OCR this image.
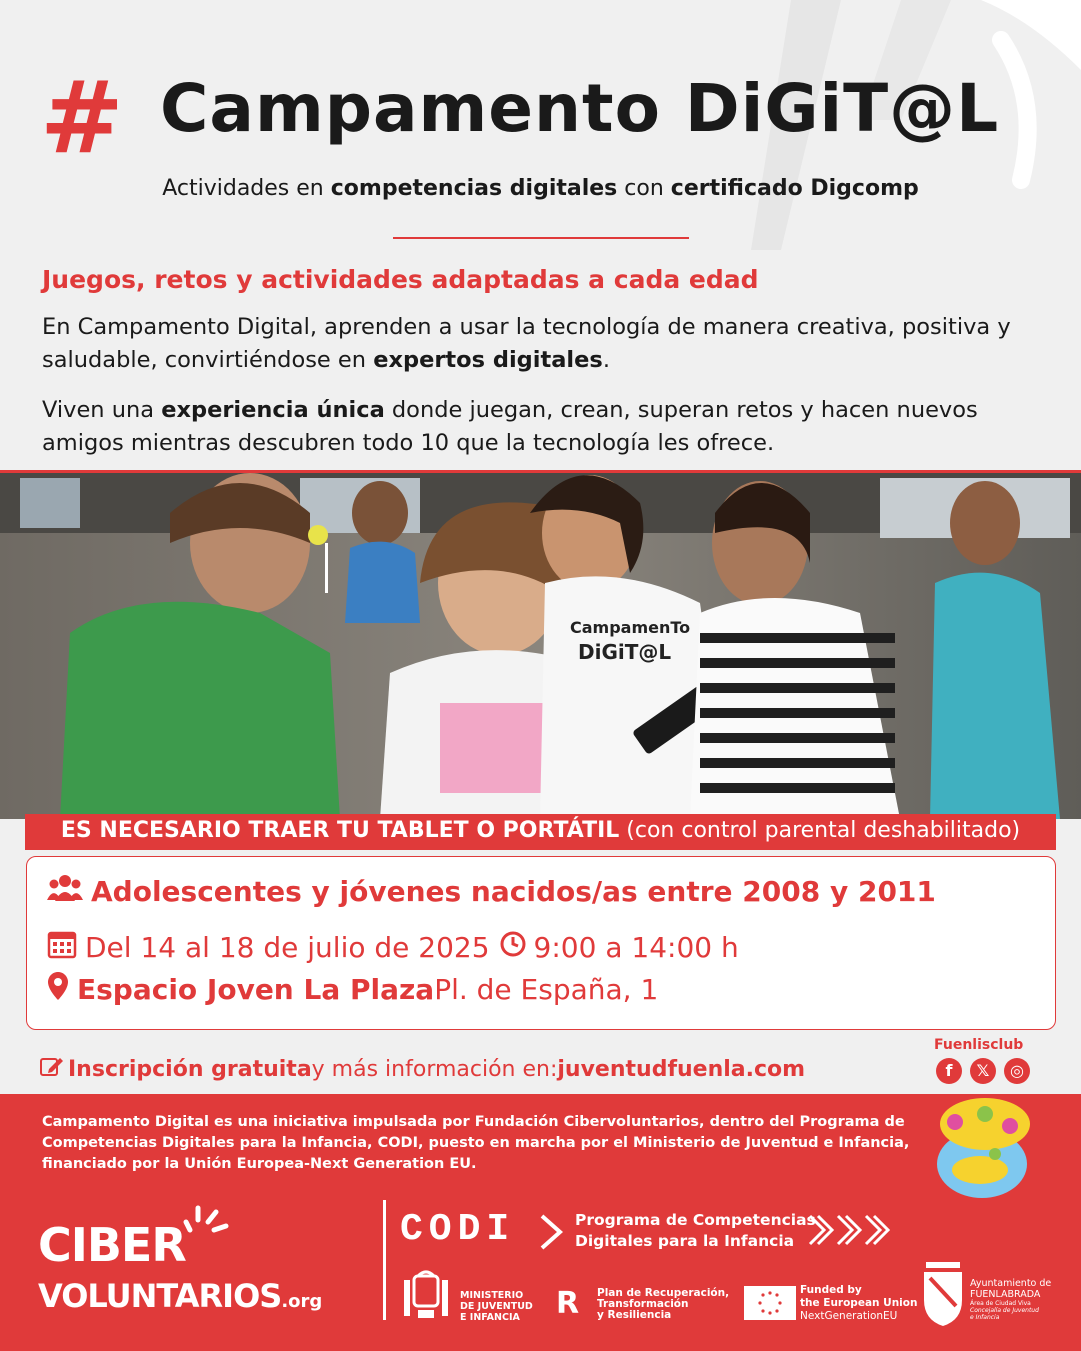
# Campamento DiGiT@L
Actividades en competencias digitales con certificado Digcomp
Juegos, retos y actividades adaptadas a cada edad
En Campamento Digital, aprenden a usar la tecnología de manera creativa, positiva y saludable, convirtiéndose en expertos digitales.
Viven una experiencia única donde juegan, crean, superan retos y hacen nuevos amigos mientras descubren todo 10 que la tecnología les ofrece.
CampamenTo
DiGiT@L
ES NECESARIO TRAER TU TABLET O PORTÁTIL (con control parental deshabilitado)
Adolescentes y jóvenes nacidos/as entre 2008 y 2011
Del 14 al 18 de julio de 2025 9:00 a 14:00 h
Espacio Joven La Plaza Pl. de España, 1
Inscripción gratuita y más información en: juventudfuenla.com
Fuenlisclub
f	𝕏	◎
Campamento Digital es una iniciativa impulsada por Fundación Cibervoluntarios, dentro del Programa de Competencias Digitales para la Infancia, CODI, puesto en marcha por el Ministerio de Juventud e Infancia, financiado por la Unión Europea-Next Generation EU.
CIBER
VOLUNTARIOS.org
CODI	Programa de Competencias
Digitales para la Infancia
MINISTERIO
DE JUVENTUD
E INFANCIA	R Plan de Recuperación,
Transformación
y Resiliencia
Funded by
the European Union
NextGenerationEU
Ayuntamiento de
FUENLABRADA
Área de Ciudad Viva
Concejalía de Juventud
e Infancia
